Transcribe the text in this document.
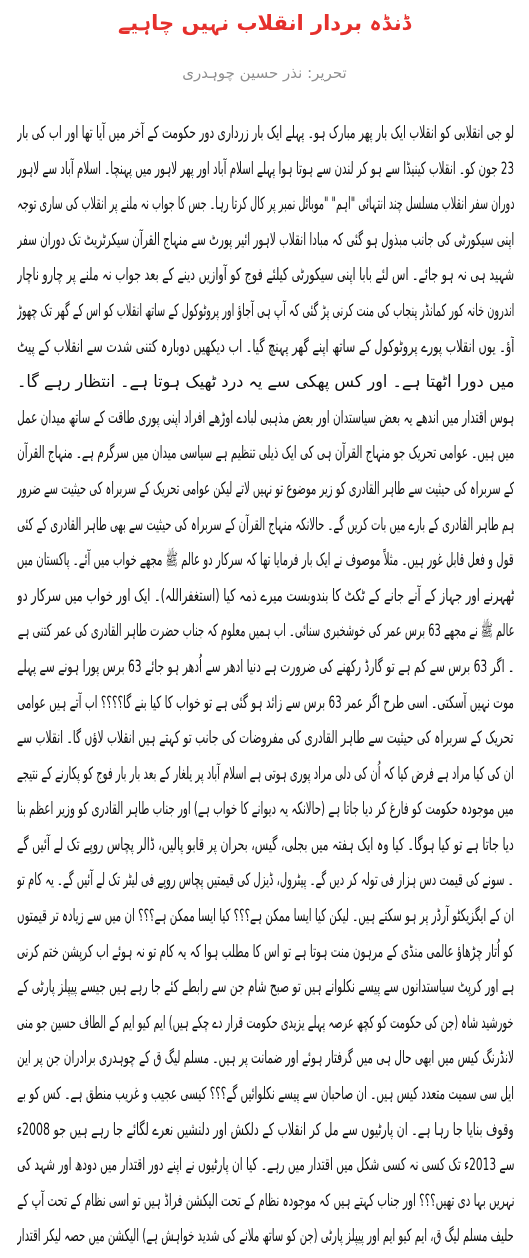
ڈنڈہ بردار انقلاب نہیں چاہیے
تحریر: نذر حسین چوہدری
لو جی انقلابی کو انقلاب ایک بار پھر مبارک ہو۔ پہلے ایک بار زرداری دور حکومت کے آخر میں آیا تھا اور اب کی بار
23 جون کو۔ انقلاب کینیڈا سے ہو کر لندن سے ہوتا ہوا پہلے اسلام آباد اور پھر لاہور میں پہنچا۔ اسلام آباد سے لاہور
دوران سفر انقلاب مسلسل چند انتہائی "اہم" "موبائل نمبر پر کال کرتا رہا۔ جس کا جواب نہ ملنے پر انقلاب کی ساری توجہ
اپنی سیکورٹی کی جانب مبذول ہو گئی کہ مبادا انقلاب لاہور ائیر پورٹ سے منہاج القرآن سیکرٹریٹ تک دوران سفر
شہید ہی نہ ہو جائے۔ اس لئے بابا اپنی سیکورٹی کیلئے فوج کو آوازیں دینے کے بعد جواب نہ ملنے پر چارو ناچار
اندرون خانہ کور کمانڈر پنجاب کی منت کرنی پڑ گئی کہ آپ ہی آجاؤ اور پروٹوکول کے ساتھ انقلاب کو اس کے گھر تک چھوڑ
آؤ۔ یوں انقلاب پورے پروٹوکول کے ساتھ اپنے گھر پہنچ گیا۔ اب دیکھیں دوبارہ کتنی شدت سے انقلاب کے پیٹ
میں دورا اٹھتا ہے۔ اور کس پھکی سے یہ درد ٹھیک ہوتا ہے۔ انتظار رہے گا۔
ہوس اقتدار میں اندھے یہ بعض سیاستدان اور بعض مذہبی لبادے اوڑھے افراد اپنی پوری طاقت کے ساتھ میدان عمل
میں ہیں۔ عوامی تحریک جو منہاج القرآن ہی کی ایک ذیلی تنظیم ہے سیاسی میدان میں سرگرم ہے۔ منہاج القرآن
کے سربراہ کی حیثیت سے طاہر القادری کو زیر موضوع تو نہیں لاتے لیکن عوامی تحریک کے سربراہ کی حیثیت سے ضرور
ہم طاہر القادری کے بارے میں بات کریں گے۔ حالانکہ منہاج القرآن کے سربراہ کی حیثیت سے بھی طاہر القادری کے کئی
قول و فعل قابل غور ہیں۔ مثلاً موصوف نے ایک بار فرمایا تھا کہ سرکار دو عالم ﷺ مجھے خواب میں آئے۔ پاکستان میں
ٹھہرنے اور جہاز کے آنے جانے کے ٹکٹ کا بندوبست میرے ذمہ کیا (استغفراللہ)۔ ایک اور خواب میں سرکار دو
عالم ﷺ نے مجھے 63 برس عمر کی خوشخبری سنائی۔ اب ہمیں معلوم کہ جناب حضرت طاہر القادری کی عمر کتنی ہے
۔ اگر 63 برس سے کم ہے تو گارڈ رکھنے کی ضرورت ہے دنیا ادھر سے اُدھر ہو جائے 63 برس پورا ہونے سے پہلے
موت نہیں آسکتی۔ اسی طرح اگر عمر 63 برس سے زائد ہو گئی ہے تو خواب کا کیا بنے گا؟؟؟؟ اب آتے ہیں عوامی
تحریک کے سربراہ کی حیثیت سے طاہر القادری کی مفروضات کی جانب تو کہتے ہیں انقلاب لاؤں گا۔ انقلاب سے
ان کی کیا مراد ہے فرض کیا کہ اُن کی دلی مراد پوری ہوتی ہے اسلام آباد پر یلغار کے بعد بار بار فوج کو پکارنے کے نتیجے
میں موجودہ حکومت کو فارغ کر دیا جاتا ہے (حالانکہ یہ دیوانے کا خواب ہے) اور جناب طاہر القادری کو وزیر اعظم بنا
دیا جاتا ہے تو کیا ہوگا۔ کیا وہ ایک ہفتہ میں بجلی، گیس، بحران پر قابو پالیں، ڈالر پچاس روپے تک لے آئیں گے
۔ سونے کی قیمت دس ہزار فی تولہ کر دیں گے۔ پیٹرول، ڈیزل کی قیمتیں پچاس روپے فی لیٹر تک لے آئیں گے۔ یہ کام تو
ان کے ایگزیکٹو آرڈر پر ہو سکتے ہیں۔ لیکن کیا ایسا ممکن ہے؟؟؟ کیا ایسا ممکن ہے؟؟؟ ان میں سے زیادہ تر قیمتوں
کو اُتار چڑھاؤ عالمی منڈی کے مرہون منت ہوتا ہے تو اس کا مطلب ہوا کہ یہ کام تو نہ ہوئے اب کرپشن ختم کرنی
ہے اور کرپٹ سیاستدانوں سے پیسے نکلوانے ہیں تو صبح شام جن سے رابطے کئے جا رہے ہیں جیسے پیپلز پارٹی کے
خورشید شاہ (جن کی حکومت کو کچھ عرصہ پہلے یزیدی حکومت قرار دے چکے ہیں) ایم کیو ایم کے الطاف حسین جو منی
لانڈرنگ کیس میں ابھی حال ہی میں گرفتار ہوئے اور ضمانت پر ہیں۔ مسلم لیگ ق کے چوہدری برادران جن پر این
ایل سی سمیت متعدد کیس ہیں۔ ان صاحبان سے پیسے نکلوائیں گے؟؟؟ کیسی عجیب و غریب منطق ہے۔ کس کو بے
وقوف بنایا جا رہا ہے۔ ان پارٹیوں سے مل کر انقلاب کے دلکش اور دلنشیں نعرے لگائے جا رہے ہیں جو 2008ء
سے 2013ء تک کسی نہ کسی شکل میں اقتدار میں رہے۔ کیا ان پارٹیوں نے اپنے دور اقتدار میں دودھ اور شہد کی
نہریں بہا دی تھیں؟؟؟ اور جناب کہتے ہیں کہ موجودہ نظام کے تحت الیکشن فراڈ ہیں تو اسی نظام کے تحت آپ کے
حلیف مسلم لیگ ق، ایم کیو ایم اور پیپلز پارٹی (جن کو ساتھ ملانے کی شدید خواہش ہے) الیکشن میں حصہ لیکر اقتدار
